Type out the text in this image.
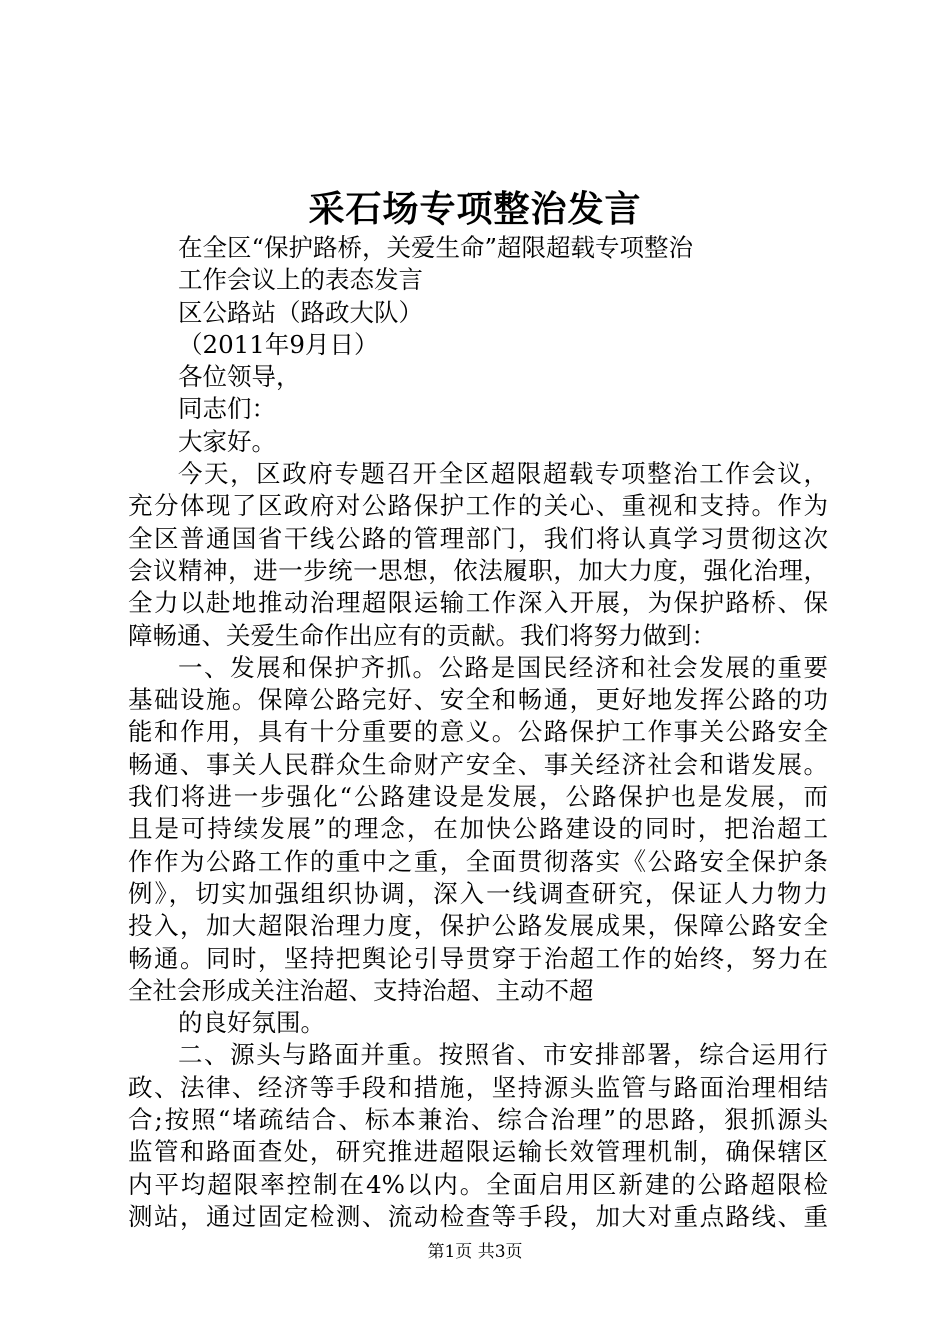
采石场专项整治发言
在全区“保护路桥，关爱生命”超限超载专项整治
工作会议上的表态发言
区公路站（路政大队）
（2011年9月日）
各位领导，
同志们：
大家好。
今天，区政府专题召开全区超限超载专项整治工作会议，
充分体现了区政府对公路保护工作的关心、重视和支持。作为
全区普通国省干线公路的管理部门，我们将认真学习贯彻这次
会议精神，进一步统一思想，依法履职，加大力度，强化治理，
全力以赴地推动治理超限运输工作深入开展，为保护路桥、保
障畅通、关爱生命作出应有的贡献。我们将努力做到：
一、发展和保护齐抓。公路是国民经济和社会发展的重要
基础设施。保障公路完好、安全和畅通，更好地发挥公路的功
能和作用，具有十分重要的意义。公路保护工作事关公路安全
畅通、事关人民群众生命财产安全、事关经济社会和谐发展。
我们将进一步强化“公路建设是发展，公路保护也是发展，而
且是可持续发展”的理念，在加快公路建设的同时，把治超工
作作为公路工作的重中之重，全面贯彻落实《公路安全保护条
例》，切实加强组织协调，深入一线调查研究，保证人力物力
投入，加大超限治理力度，保护公路发展成果，保障公路安全
畅通。同时，坚持把舆论引导贯穿于治超工作的始终，努力在
全社会形成关注治超、支持治超、主动不超
的良好氛围。
二、源头与路面并重。按照省、市安排部署，综合运用行
政、法律、经济等手段和措施，坚持源头监管与路面治理相结
合;按照“堵疏结合、标本兼治、综合治理”的思路，狠抓源头
监管和路面查处，研究推进超限运输长效管理机制，确保辖区
内平均超限率控制在4%以内。全面启用区新建的公路超限检
测站，通过固定检测、流动检查等手段，加大对重点路线、重
第1页 共3页
